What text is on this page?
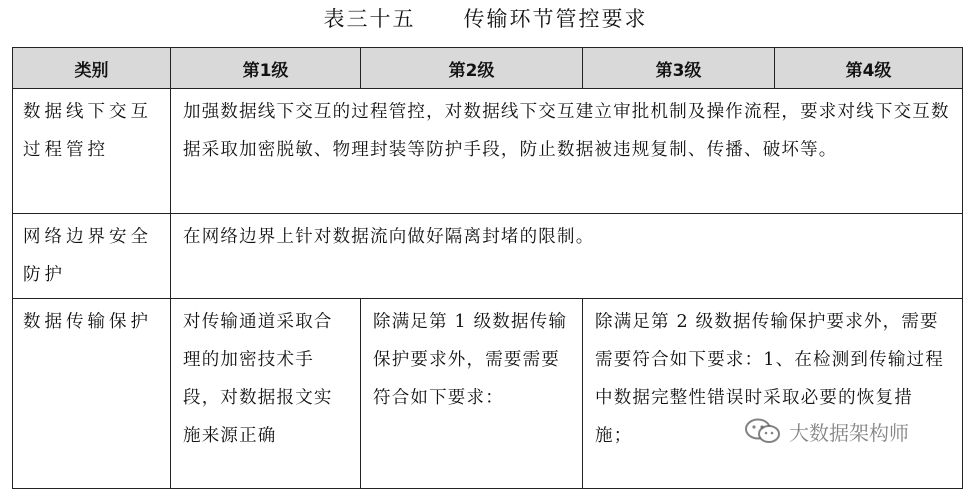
表三十五 传输环节管控要求
类别	第1级	第2级	第3级	第4级
数据线下交互过程管控	加强数据线下交互的过程管控，对数据线下交互建立审批机制及操作流程，要求对线下交互数据采取加密脱敏、物理封装等防护手段，防止数据被违规复制、传播、破坏等。			
网络边界安全防护	在网络边界上针对数据流向做好隔离封堵的限制。			
数据传输保护	对传输通道采取合理的加密技术手段，对数据报文实施来源正确	除满足第 1 级数据传输保护要求外，需要需要符合如下要求：	除满足第 2 级数据传输保护要求外，需要需要符合如下要求：1、在检测到传输过程中数据完整性错误时采取必要的恢复措施；		大数据架构师
